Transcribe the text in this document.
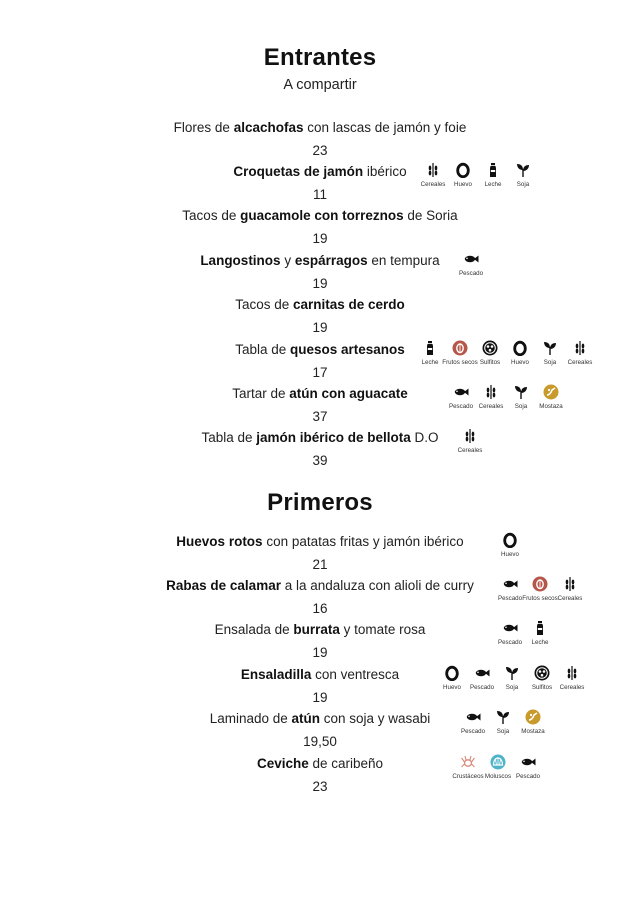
Entrantes
A compartir
Flores de alcachofas con lascas de jamón y foie
23
Croquetas de jamón ibérico
11
Cereales Huevo Leche Soja
Tacos de guacamole con torreznos de Soria
19
Langostinos y espárragos en tempura
19
Pescado
Tacos de carnitas de cerdo
19
Tabla de quesos artesanos
17
Leche Frutos secos Sulfitos Huevo Soja Cereales
Tartar de atún con aguacate
37
Pescado Cereales Soja Mostaza
Tabla de jamón ibérico de bellota D.O
39
Cereales
Primeros
Huevos rotos con patatas fritas y jamón ibérico
21
Huevo
Rabas de calamar a la andaluza con alioli de curry
16
Pescado Frutos secos Cereales
Ensalada de burrata y tomate rosa
19
Pescado Leche
Ensaladilla con ventresca
19
Huevo Pescado Soja Sulfitos Cereales
Laminado de atún con soja y wasabi
19,50
Pescado Soja Mostaza
Ceviche de caribeño
23
Crustáceos Moluscos Pescado
